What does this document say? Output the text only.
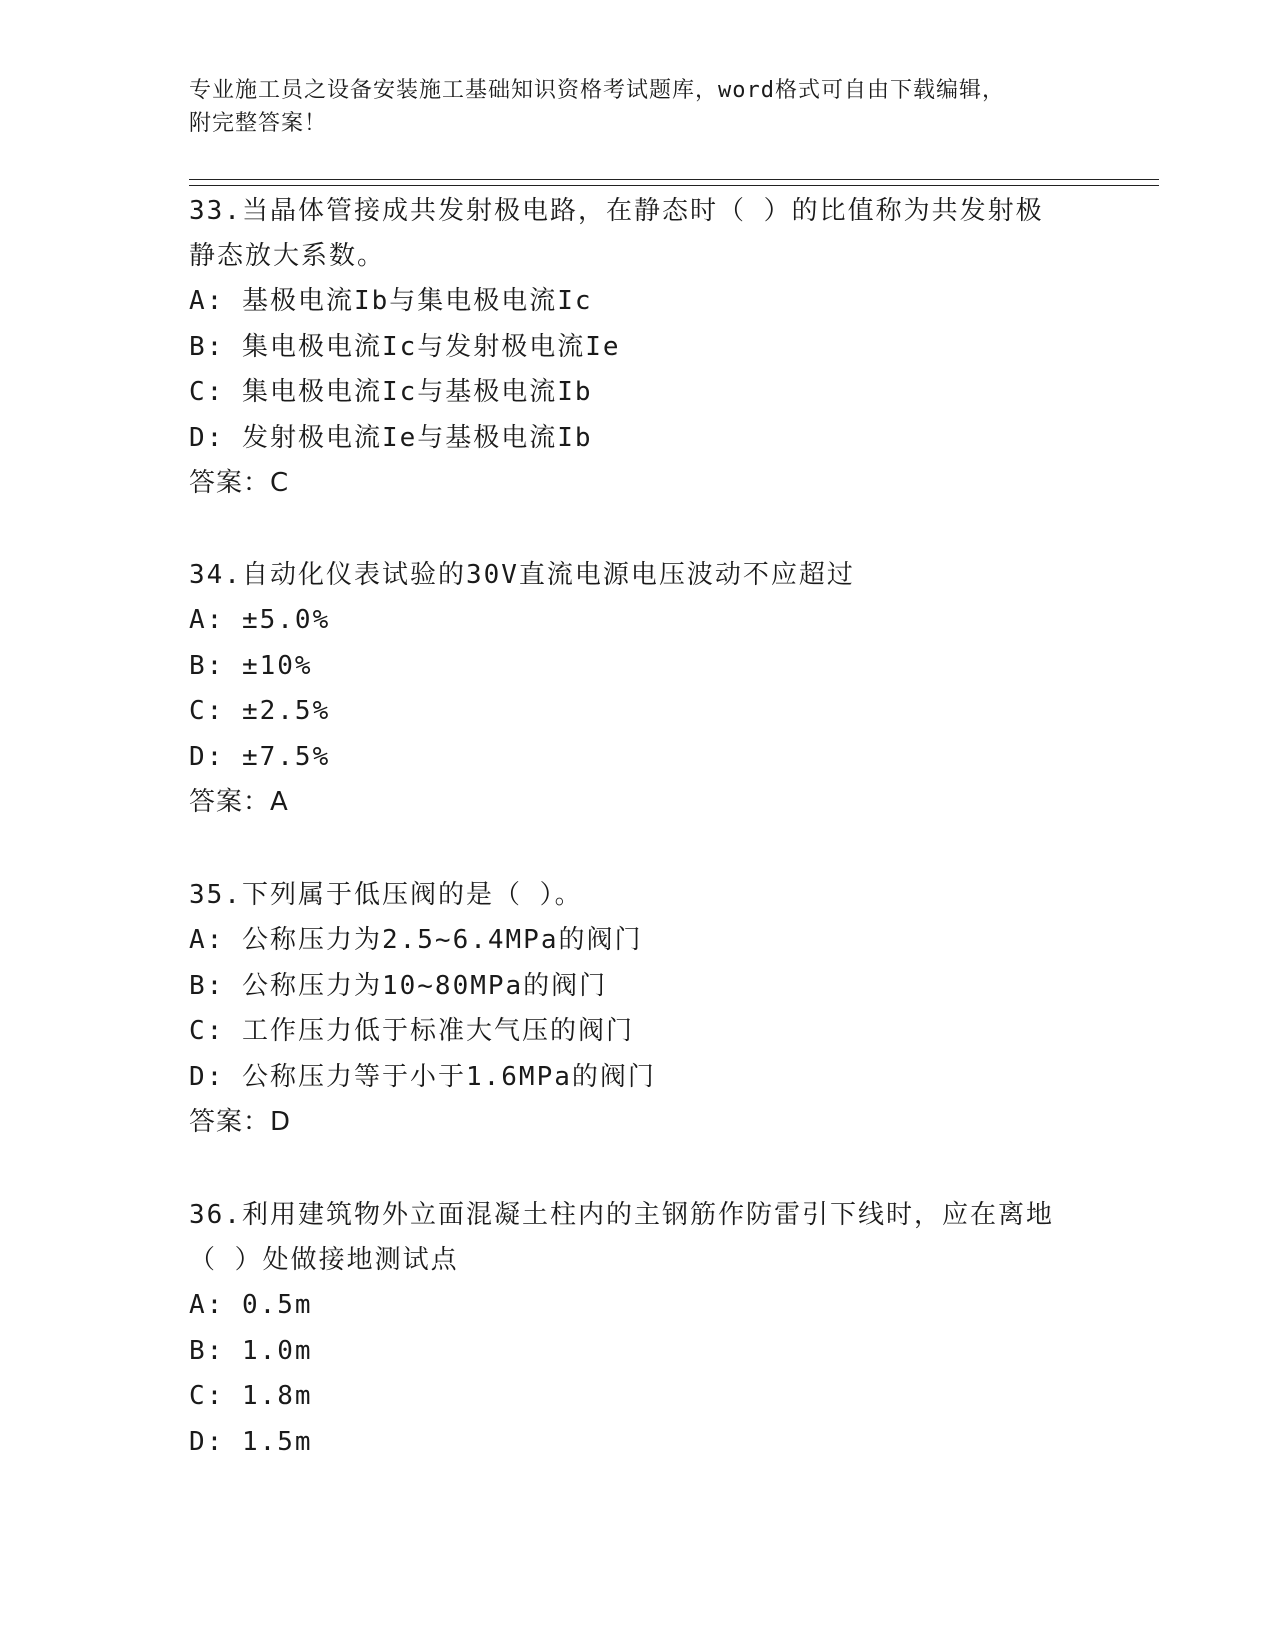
专业施工员之设备安装施工基础知识资格考试题库，word格式可自由下载编辑，
附完整答案！
33.当晶体管接成共发射极电路，在静态时（ ）的比值称为共发射极
静态放大系数。
A: 基极电流Ib与集电极电流Ic
B: 集电极电流Ic与发射极电流Ie
C: 集电极电流Ic与基极电流Ib
D: 发射极电流Ie与基极电流Ib
答案：C
34.自动化仪表试验的30V直流电源电压波动不应超过
A: ±5.0%
B: ±10%
C: ±2.5%
D: ±7.5%
答案：A
35.下列属于低压阀的是（ ）。
A: 公称压力为2.5~6.4MPa的阀门
B: 公称压力为10~80MPa的阀门
C: 工作压力低于标准大气压的阀门
D: 公称压力等于小于1.6MPa的阀门
答案：D
36.利用建筑物外立面混凝土柱内的主钢筋作防雷引下线时，应在离地
（ ）处做接地测试点
A: 0.5m
B: 1.0m
C: 1.8m
D: 1.5m
